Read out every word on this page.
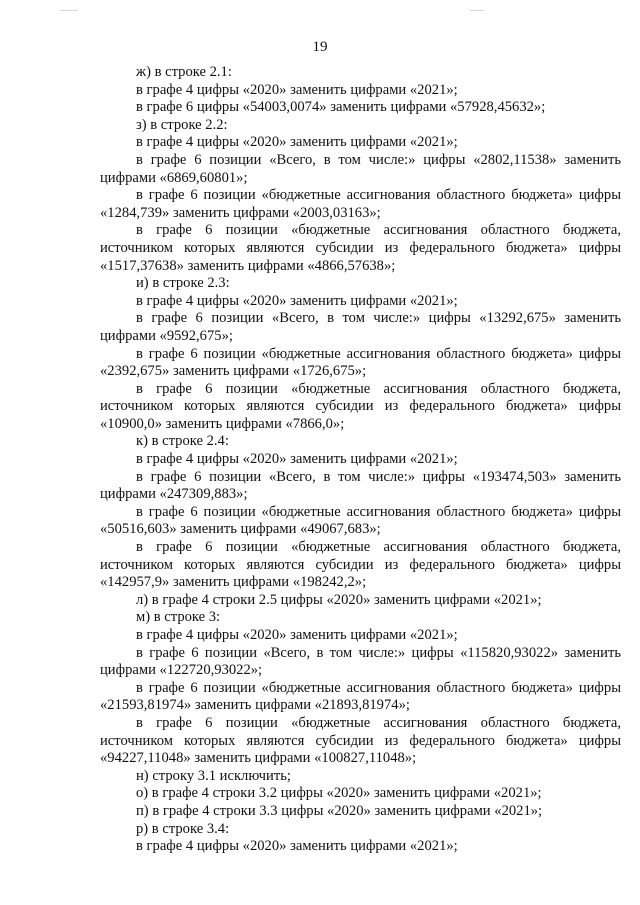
19

ж) в строке 2.1:

в графе 4 цифры «2020» заменить цифрами «2021»;

в графе 6 цифры «54003,0074» заменить цифрами «57928,45632»;

з) в строке 2.2:

в графе 4 цифры «2020» заменить цифрами «2021»;

в графе 6 позиции «Всего, в том числе:» цифры «2802,11538» заменить цифрами «6869,60801»;

в графе 6 позиции «бюджетные ассигнования областного бюджета» цифры «1284,739» заменить цифрами «2003,03163»;

в графе 6 позиции «бюджетные ассигнования областного бюджета, источником которых являются субсидии из федерального бюджета» цифры «1517,37638» заменить цифрами «4866,57638»;

и) в строке 2.3:

в графе 4 цифры «2020» заменить цифрами «2021»;

в графе 6 позиции «Всего, в том числе:» цифры «13292,675» заменить цифрами «9592,675»;

в графе 6 позиции «бюджетные ассигнования областного бюджета» цифры «2392,675» заменить цифрами «1726,675»;

в графе 6 позиции «бюджетные ассигнования областного бюджета, источником которых являются субсидии из федерального бюджета» цифры «10900,0» заменить цифрами «7866,0»;

к) в строке 2.4:

в графе 4 цифры «2020» заменить цифрами «2021»;

в графе 6 позиции «Всего, в том числе:» цифры «193474,503» заменить цифрами «247309,883»;

в графе 6 позиции «бюджетные ассигнования областного бюджета» цифры «50516,603» заменить цифрами «49067,683»;

в графе 6 позиции «бюджетные ассигнования областного бюджета, источником которых являются субсидии из федерального бюджета» цифры «142957,9» заменить цифрами «198242,2»;

л) в графе 4 строки 2.5 цифры «2020» заменить цифрами «2021»;

м) в строке 3:

в графе 4 цифры «2020» заменить цифрами «2021»;

в графе 6 позиции «Всего, в том числе:» цифры «115820,93022» заменить цифрами «122720,93022»;

в графе 6 позиции «бюджетные ассигнования областного бюджета» цифры «21593,81974» заменить цифрами «21893,81974»;

в графе 6 позиции «бюджетные ассигнования областного бюджета, источником которых являются субсидии из федерального бюджета» цифры «94227,11048» заменить цифрами «100827,11048»;

н) строку 3.1 исключить;

о) в графе 4 строки 3.2 цифры «2020» заменить цифрами «2021»;

п) в графе 4 строки 3.3 цифры «2020» заменить цифрами «2021»;

р) в строке 3.4:

в графе 4 цифры «2020» заменить цифрами «2021»;
